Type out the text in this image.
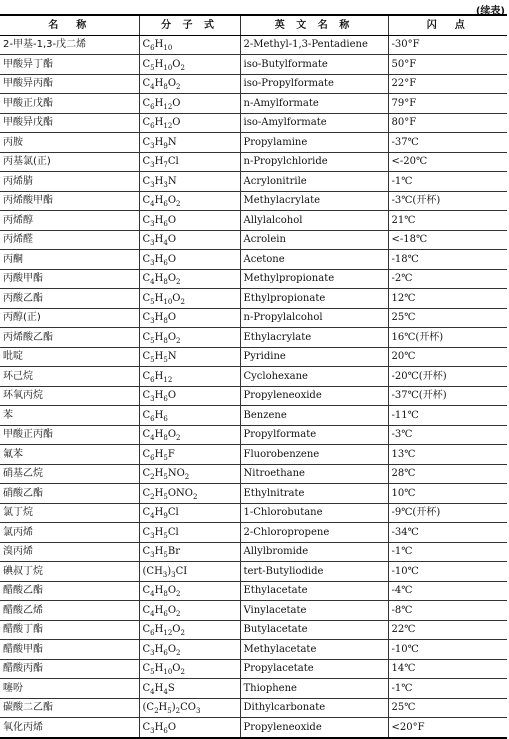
(续表)
名　称	分 子 式	英 文 名 称	闪　点
2-甲基-1,3-戊二烯	$C_6H_{10}$	2-Methyl-1,3-Pentadiene	-30°F
甲酸异丁酯	$C_5H_{10}O_2$	iso-Butylformate	50°F
甲酸异丙酯	$C_4H_8O_2$	iso-Propylformate	22°F
甲酸正戊酯	$C_6H_{12}O$	n-Amylformate	79°F
甲酸异戊酯	$C_6H_{12}O$	iso-Amylformate	80°F
丙胺	$C_3H_9N$	Propylamine	-37℃
丙基氯(正)	$C_3H_7Cl$	n-Propylchloride	<-20℃
丙烯腈	$C_3H_3N$	Acrylonitrile	-1℃
丙烯酸甲酯	$C_4H_6O_2$	Methylacrylate	-3℃(开杯)
丙烯醇	$C_3H_6O$	Allylalcohol	21℃
丙烯醛	$C_3H_4O$	Acrolein	<-18℃
丙酮	$C_3H_6O$	Acetone	-18℃
丙酸甲酯	$C_4H_8O_2$	Methylpropionate	-2℃
丙酸乙酯	$C_5H_{10}O_2$	Ethylpropionate	12℃
丙醇(正)	$C_3H_8O$	n-Propylalcohol	25℃
丙烯酸乙酯	$C_5H_8O_2$	Ethylacrylate	16℃(开杯)
吡啶	$C_5H_5N$	Pyridine	20℃
环己烷	$C_6H_{12}$	Cyclohexane	-20℃(开杯)
环氧丙烷	$C_3H_6O$	Propyleneoxide	-37℃(开杯)
苯	$C_6H_6$	Benzene	-11℃
甲酸正丙酯	$C_4H_8O_2$	Propylformate	-3℃
氟苯	$C_6H_5F$	Fluorobenzene	13℃
硝基乙烷	$C_2H_5NO_2$	Nitroethane	28℃
硝酸乙酯	$C_2H_5ONO_2$	Ethylnitrate	10℃
氯丁烷	$C_4H_9Cl$	1-Chlorobutane	-9℃(开杯)
氯丙烯	$C_3H_5Cl$	2-Chloropropene	-34℃
溴丙烯	$C_3H_5Br$	Allylbromide	-1℃
碘叔丁烷	$(CH_3)_3CI$	tert-Butyliodide	-10℃
醋酸乙酯	$C_4H_8O_2$	Ethylacetate	-4℃
醋酸乙烯	$C_4H_6O_2$	Vinylacetate	-8℃
醋酸丁酯	$C_6H_{12}O_2$	Butylacetate	22℃
醋酸甲酯	$C_3H_6O_2$	Methylacetate	-10℃
醋酸丙酯	$C_5H_{10}O_2$	Propylacetate	14℃
噻吩	$C_4H_4S$	Thiophene	-1℃
碳酸二乙酯	$(C_2H_5)_2CO_3$	Dithylcarbonate	25℃
氧化丙烯	$C_3H_6O$	Propyleneoxide	<20°F
